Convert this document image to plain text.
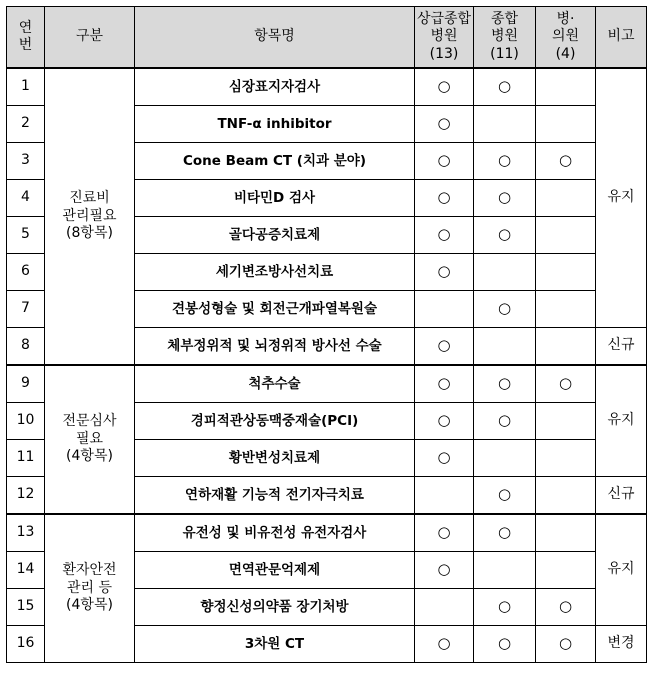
연
번	구분	항목명	상급종합
병원
(13)	종합
병원
(11)	병·
의원
(4)	비고
1	진료비
관리필요
(8항목)	심장표지자검사	○	○		유지
2		TNF-α inhibitor	○			
3		Cone Beam CT (치과 분야)	○	○	○	
4		비타민D 검사	○	○		
5		골다공증치료제	○	○		
6		세기변조방사선치료	○			
7		견봉성형술 및 회전근개파열복원술		○		
8		체부정위적 및 뇌정위적 방사선 수술	○			신규
9	전문심사
필요
(4항목)	척추수술	○	○	○	유지
10		경피적관상동맥중재술(PCI)	○	○		
11		황반변성치료제	○			
12		연하재활 기능적 전기자극치료		○		신규
13	환자안전
관리 등
(4항목)	유전성 및 비유전성 유전자검사	○	○		유지
14		면역관문억제제	○			
15		향정신성의약품 장기처방		○	○	
16		3차원 CT	○	○	○	변경
